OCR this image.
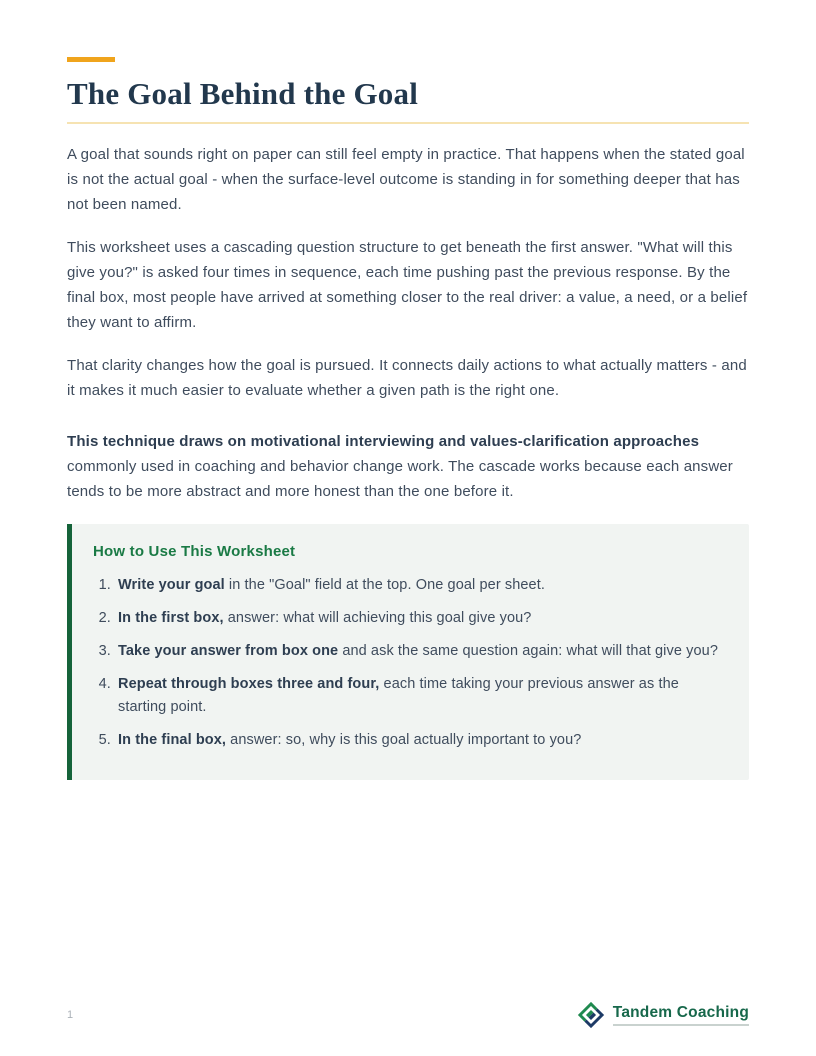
The Goal Behind the Goal

A goal that sounds right on paper can still feel empty in practice. That happens when the stated goal is not the actual goal - when the surface-level outcome is standing in for something deeper that has not been named.

This worksheet uses a cascading question structure to get beneath the first answer. "What will this give you?" is asked four times in sequence, each time pushing past the previous response. By the final box, most people have arrived at something closer to the real driver: a value, a need, or a belief they want to affirm.

That clarity changes how the goal is pursued. It connects daily actions to what actually matters - and it makes it much easier to evaluate whether a given path is the right one.

This technique draws on motivational interviewing and values-clarification approaches commonly used in coaching and behavior change work. The cascade works because each answer tends to be more abstract and more honest than the one before it.

How to Use This Worksheet
1. Write your goal in the "Goal" field at the top. One goal per sheet.
2. In the first box, answer: what will achieving this goal give you?
3. Take your answer from box one and ask the same question again: what will that give you?
4. Repeat through boxes three and four, each time taking your previous answer as the starting point.
5. In the final box, answer: so, why is this goal actually important to you?
1	Tandem Coaching
